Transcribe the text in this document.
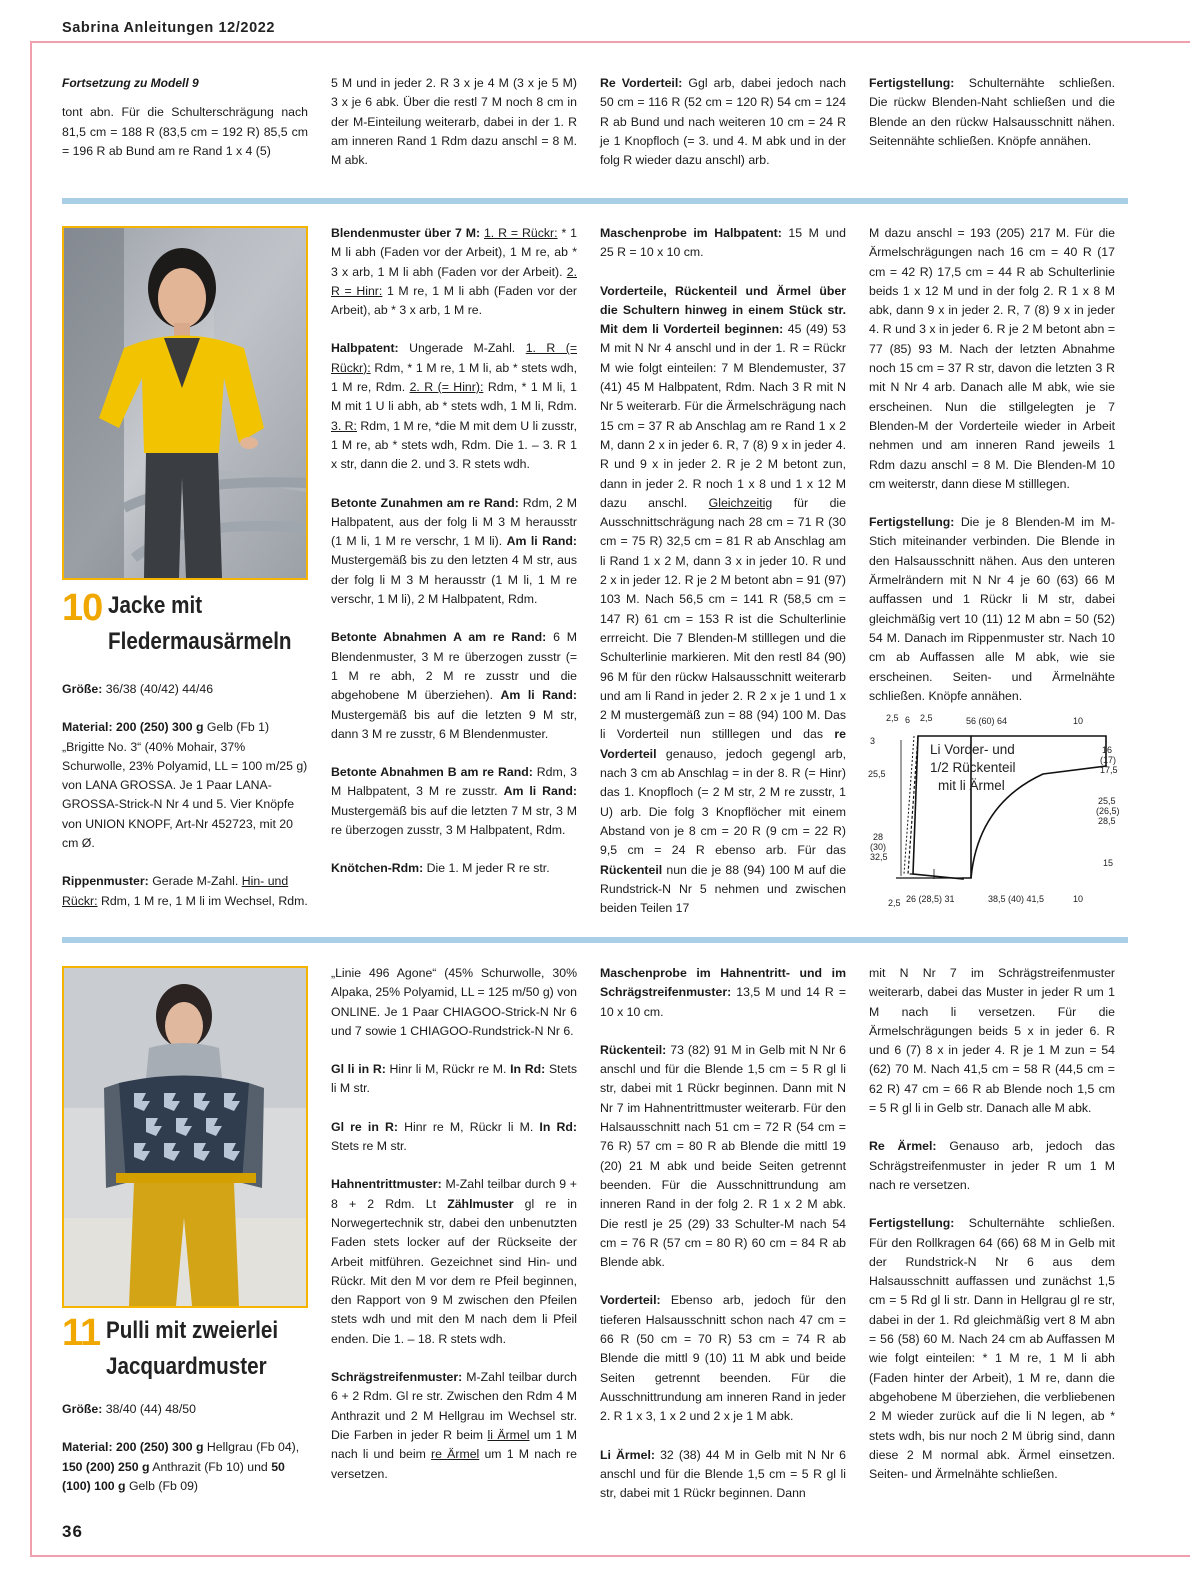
Sabrina Anleitungen 12/2022

Fortsetzung zu Modell 9

tont abn. Für die Schulterschrägung nach 81,5 cm = 188 R (83,5 cm = 192 R) 85,5 cm = 196 R ab Bund am re Rand 1 x 4 (5)

5 M und in jeder 2. R 3 x je 4 M (3 x je 5 M) 3 x je 6 abk. Über die restl 7 M noch 8 cm in der M-Einteilung weiterarb, dabei in der 1. R am inneren Rand 1 Rdm dazu anschl = 8 M. M abk.

Re Vorderteil: Ggl arb, dabei jedoch nach 50 cm = 116 R (52 cm = 120 R) 54 cm = 124 R ab Bund und nach weiteren 10 cm = 24 R je 1 Knopfloch (= 3. und 4. M abk und in der folg R wieder dazu anschl) arb.

Fertigstellung: Schulternähte schließen. Die rückw Blenden-Naht schließen und die Blende an den rückw Halsausschnitt nähen. Seitennähte schließen. Knöpfe annähen.

10 Jacke mit
Fledermausärmeln

Größe: 36/38 (40/42) 44/46

Material: 200 (250) 300 g Gelb (Fb 1) „Brigitte No. 3“ (40% Mohair, 37% Schurwolle, 23% Polyamid, LL = 100 m/25 g) von LANA GROSSA. Je 1 Paar LANA-GROSSA-Strick-N Nr 4 und 5. Vier Knöpfe von UNION KNOPF, Art-Nr 452723, mit 20 cm Ø.

Rippenmuster: Gerade M-Zahl. Hin- und Rückr: Rdm, 1 M re, 1 M li im Wechsel, Rdm.

Blendenmuster über 7 M: 1. R = Rückr: * 1 M li abh (Faden vor der Arbeit), 1 M re, ab * 3 x arb, 1 M li abh (Faden vor der Arbeit). 2. R = Hinr: 1 M re, 1 M li abh (Faden vor der Arbeit), ab * 3 x arb, 1 M re.

Halbpatent: Ungerade M-Zahl. 1. R (= Rückr): Rdm, * 1 M re, 1 M li, ab * stets wdh, 1 M re, Rdm. 2. R (= Hinr): Rdm, * 1 M li, 1 M mit 1 U li abh, ab * stets wdh, 1 M li, Rdm. 3. R: Rdm, 1 M re, *die M mit dem U li zusstr, 1 M re, ab * stets wdh, Rdm. Die 1. – 3. R 1 x str, dann die 2. und 3. R stets wdh.

Betonte Zunahmen am re Rand: Rdm, 2 M Halbpatent, aus der folg li M 3 M herausstr (1 M li, 1 M re verschr, 1 M li). Am li Rand: Mustergemäß bis zu den letzten 4 M str, aus der folg li M 3 M herausstr (1 M li, 1 M re verschr, 1 M li), 2 M Halbpatent, Rdm.

Betonte Abnahmen A am re Rand: 6 M Blendenmuster, 3 M re überzogen zusstr (= 1 M re abh, 2 M re zusstr und die abgehobene M überziehen). Am li Rand: Mustergemäß bis auf die letzten 9 M str, dann 3 M re zusstr, 6 M Blendenmuster.

Betonte Abnahmen B am re Rand: Rdm, 3 M Halbpatent, 3 M re zusstr. Am li Rand: Mustergemäß bis auf die letzten 7 M str, 3 M re überzogen zusstr, 3 M Halbpatent, Rdm.

Knötchen-Rdm: Die 1. M jeder R re str.

Maschenprobe im Halbpatent: 15 M und 25 R = 10 x 10 cm.

Vorderteile, Rückenteil und Ärmel über die Schultern hinweg in einem Stück str. Mit dem li Vorderteil beginnen: 45 (49) 53 M mit N Nr 4 anschl und in der 1. R = Rückr M wie folgt einteilen: 7 M Blendemuster, 37 (41) 45 M Halbpatent, Rdm. Nach 3 R mit N Nr 5 weiterarb. Für die Ärmelschrägung nach 15 cm = 37 R ab Anschlag am re Rand 1 x 2 M, dann 2 x in jeder 6. R, 7 (8) 9 x in jeder 4. R und 9 x in jeder 2. R je 2 M betont zun, dann in jeder 2. R noch 1 x 8 und 1 x 12 M dazu anschl. Gleichzeitig für die Ausschnittschrägung nach 28 cm = 71 R (30 cm = 75 R) 32,5 cm = 81 R ab Anschlag am li Rand 1 x 2 M, dann 3 x in jeder 10. R und 2 x in jeder 12. R je 2 M betont abn = 91 (97) 103 M. Nach 56,5 cm = 141 R (58,5 cm = 147 R) 61 cm = 153 R ist die Schulterlinie errreicht. Die 7 Blenden-M stilllegen und die Schulterlinie markieren. Mit den restl 84 (90) 96 M für den rückw Halsausschnitt weiterarb und am li Rand in jeder 2. R 2 x je 1 und 1 x 2 M mustergemäß zun = 88 (94) 100 M. Das li Vorderteil nun stilllegen und das re Vorderteil genauso, jedoch gegengl arb, nach 3 cm ab Anschlag = in der 8. R (= Hinr) das 1. Knopfloch (= 2 M str, 2 M re zusstr, 1 U) arb. Die folg 3 Knopflöcher mit einem Abstand von je 8 cm = 20 R (9 cm = 22 R) 9,5 cm = 24 R ebenso arb. Für das Rückenteil nun die je 88 (94) 100 M auf die Rundstrick-N Nr 5 nehmen und zwischen beiden Teilen 17

M dazu anschl = 193 (205) 217 M. Für die Ärmelschrägungen nach 16 cm = 40 R (17 cm = 42 R) 17,5 cm = 44 R ab Schulterlinie beids 1 x 12 M und in der folg 2. R 1 x 8 M abk, dann 9 x in jeder 2. R, 7 (8) 9 x in jeder 4. R und 3 x in jeder 6. R je 2 M betont abn = 77 (85) 93 M. Nach der letzten Abnahme noch 15 cm = 37 R str, davon die letzten 3 R mit N Nr 4 arb. Danach alle M abk, wie sie erscheinen. Nun die stillgelegten je 7 Blenden-M der Vorderteile wieder in Arbeit nehmen und am inneren Rand jeweils 1 Rdm dazu anschl = 8 M. Die Blenden-M 10 cm weiterstr, dann diese M stilllegen.

Fertigstellung: Die je 8 Blenden-M im M-Stich miteinander verbinden. Die Blende in den Halsausschnitt nähen. Aus den unteren Ärmelrändern mit N Nr 4 je 60 (63) 66 M auffassen und 1 Rückr li M str, dabei gleichmäßig vert 10 (11) 12 M abn = 50 (52) 54 M. Danach im Rippenmuster str. Nach 10 cm ab Auffassen alle M abk, wie sie erscheinen. Seiten- und Ärmelnähte schließen. Knöpfe annähen.

2,5 6 2,5	56 (60) 64	10
3
25,5
16
(17)
17,5
25,5
(26,5)
28,5
28
(30)
32,5
15
2,5 26 (28,5) 31	38,5 (40) 41,5	10
Li Vorder- und
1/2 Rückenteil
mit li Ärmel
11 Pulli mit zweierlei
Jacquardmuster

Größe: 38/40 (44) 48/50

Material: 200 (250) 300 g Hellgrau (Fb 04), 150 (200) 250 g Anthrazit (Fb 10) und 50 (100) 100 g Gelb (Fb 09)

„Linie 496 Agone“ (45% Schurwolle, 30% Alpaka, 25% Polyamid, LL = 125 m/50 g) von ONLINE. Je 1 Paar CHIAGOO-Strick-N Nr 6 und 7 sowie 1 CHIAGOO-Rundstrick-N Nr 6.

Gl li in R: Hinr li M, Rückr re M. In Rd: Stets li M str.

Gl re in R: Hinr re M, Rückr li M. In Rd: Stets re M str.

Hahnentrittmuster: M-Zahl teilbar durch 9 + 8 + 2 Rdm. Lt Zählmuster gl re in Norwegertechnik str, dabei den unbenutzten Faden stets locker auf der Rückseite der Arbeit mitführen. Gezeichnet sind Hin- und Rückr. Mit den M vor dem re Pfeil beginnen, den Rapport von 9 M zwischen den Pfeilen stets wdh und mit den M nach dem li Pfeil enden. Die 1. – 18. R stets wdh.

Schrägstreifenmuster: M-Zahl teilbar durch 6 + 2 Rdm. Gl re str. Zwischen den Rdm 4 M Anthrazit und 2 M Hellgrau im Wechsel str. Die Farben in jeder R beim li Ärmel um 1 M nach li und beim re Ärmel um 1 M nach re versetzen.

Maschenprobe im Hahnentritt- und im Schrägstreifenmuster: 13,5 M und 14 R = 10 x 10 cm.

Rückenteil: 73 (82) 91 M in Gelb mit N Nr 6 anschl und für die Blende 1,5 cm = 5 R gl li str, dabei mit 1 Rückr beginnen. Dann mit N Nr 7 im Hahnentrittmuster weiterarb. Für den Halsausschnitt nach 51 cm = 72 R (54 cm = 76 R) 57 cm = 80 R ab Blende die mittl 19 (20) 21 M abk und beide Seiten getrennt beenden. Für die Ausschnittrundung am inneren Rand in der folg 2. R 1 x 2 M abk. Die restl je 25 (29) 33 Schulter-M nach 54 cm = 76 R (57 cm = 80 R) 60 cm = 84 R ab Blende abk.

Vorderteil: Ebenso arb, jedoch für den tieferen Halsausschnitt schon nach 47 cm = 66 R (50 cm = 70 R) 53 cm = 74 R ab Blende die mittl 9 (10) 11 M abk und beide Seiten getrennt beenden. Für die Ausschnittrundung am inneren Rand in jeder 2. R 1 x 3, 1 x 2 und 2 x je 1 M abk.

Li Ärmel: 32 (38) 44 M in Gelb mit N Nr 6 anschl und für die Blende 1,5 cm = 5 R gl li str, dabei mit 1 Rückr beginnen. Dann

mit N Nr 7 im Schrägstreifenmuster weiterarb, dabei das Muster in jeder R um 1 M nach li versetzen. Für die Ärmelschrägungen beids 5 x in jeder 6. R und 6 (7) 8 x in jeder 4. R je 1 M zun = 54 (62) 70 M. Nach 41,5 cm = 58 R (44,5 cm = 62 R) 47 cm = 66 R ab Blende noch 1,5 cm = 5 R gl li in Gelb str. Danach alle M abk.

Re Ärmel: Genauso arb, jedoch das Schrägstreifenmuster in jeder R um 1 M nach re versetzen.

Fertigstellung: Schulternähte schließen. Für den Rollkragen 64 (66) 68 M in Gelb mit der Rundstrick-N Nr 6 aus dem Halsausschnitt auffassen und zunächst 1,5 cm = 5 Rd gl li str. Dann in Hellgrau gl re str, dabei in der 1. Rd gleichmäßig vert 8 M abn = 56 (58) 60 M. Nach 24 cm ab Auffassen M wie folgt einteilen: * 1 M re, 1 M li abh (Faden hinter der Arbeit), 1 M re, dann die abgehobene M überziehen, die verbliebenen 2 M wieder zurück auf die li N legen, ab * stets wdh, bis nur noch 2 M übrig sind, dann diese 2 M normal abk. Ärmel einsetzen. Seiten- und Ärmelnähte schließen.

36
